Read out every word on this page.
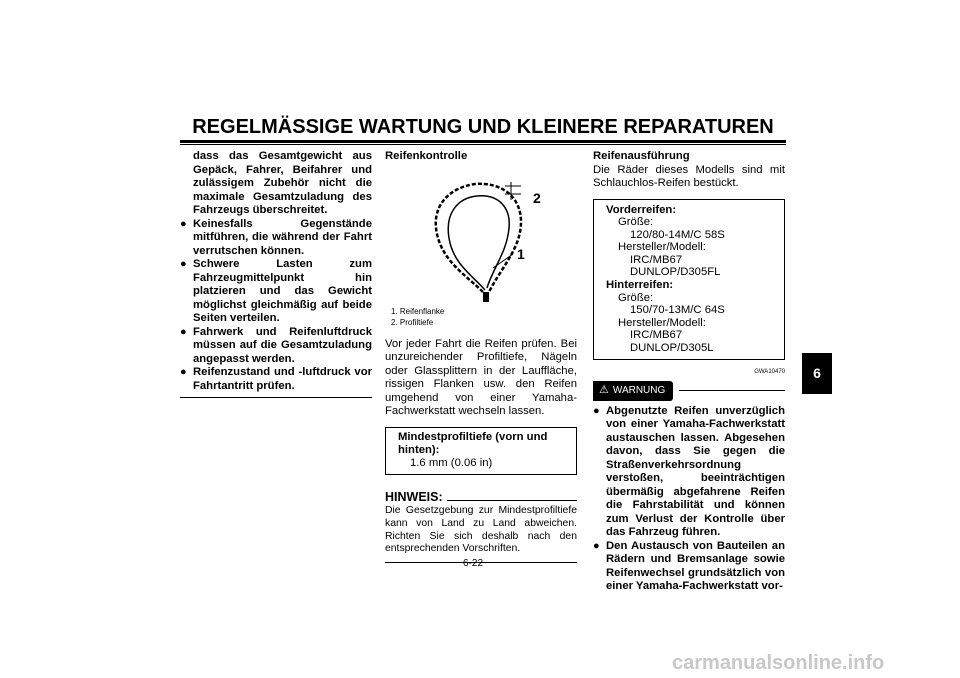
REGELMÄSSIGE WARTUNG UND KLEINERE REPARATUREN
dass das Gesamtgewicht aus Gepäck, Fahrer, Beifahrer und zulässigem Zubehör nicht die maximale Gesamtzuladung des Fahrzeugs überschreitet.
● Keinesfalls Gegenstände mitführen, die während der Fahrt verrutschen können.
● Schwere Lasten zum Fahrzeugmittelpunkt hin platzieren und das Gewicht möglichst gleichmäßig auf beide Seiten verteilen.
● Fahrwerk und Reifenluftdruck müssen auf die Gesamtzuladung angepasst werden.
● Reifenzustand und -luftdruck vor Fahrtantritt prüfen.
Reifenkontrolle
2
1
1. Reifenflanke
2. Profiltiefe
Vor jeder Fahrt die Reifen prüfen. Bei unzureichender Profiltiefe, Nägeln oder Glassplittern in der Lauffläche, rissigen Flanken usw. den Reifen umgehend von einer Yamaha-Fachwerkstatt wechseln lassen.
Mindestprofiltiefe (vorn und hinten):
1.6 mm (0.06 in)
HINWEIS:
Die Gesetzgebung zur Mindestprofiltiefe kann von Land zu Land abweichen. Richten Sie sich deshalb nach den entsprechenden Vorschriften.
Reifenausführung
Die Räder dieses Modells sind mit Schlauchlos-Reifen bestückt.
Vorderreifen:
Größe:
120/80-14M/C 58S
Hersteller/Modell:
IRC/MB67
DUNLOP/D305FL
Hinterreifen:
Größe:
150/70-13M/C 64S
Hersteller/Modell:
IRC/MB67
DUNLOP/D305L
GWA10470
⚠ WARNUNG
● Abgenutzte Reifen unverzüglich von einer Yamaha-Fachwerkstatt austauschen lassen. Abgesehen davon, dass Sie gegen die Straßenverkehrsordnung verstoßen, beeinträchtigen übermäßig abgefahrene Reifen die Fahrstabilität und können zum Verlust der Kontrolle über das Fahrzeug führen.
● Den Austausch von Bauteilen an Rädern und Bremsanlage sowie Reifenwechsel grundsätzlich von einer Yamaha-Fachwerkstatt vor-
6
6-22
carmanualsonline.info
